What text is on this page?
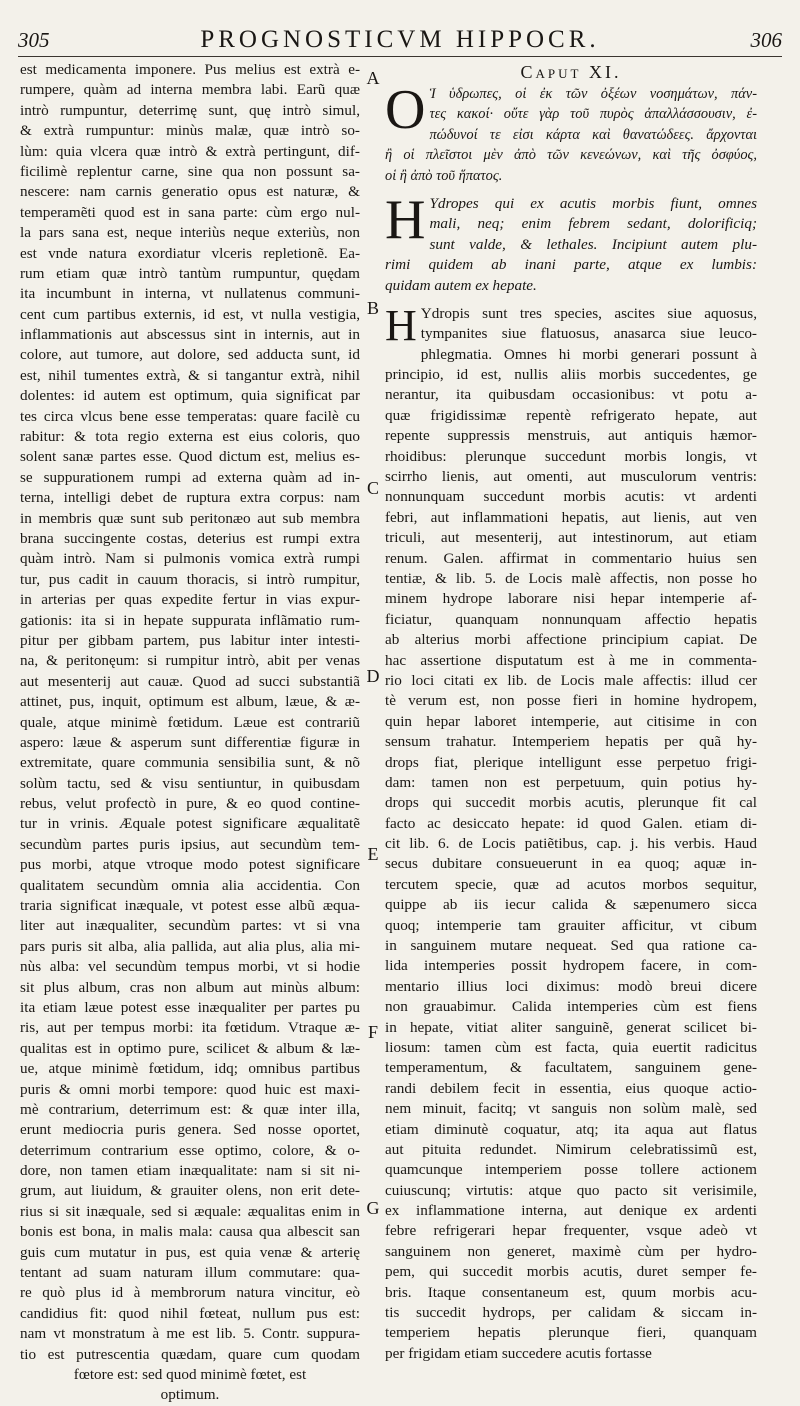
305	PROGNOSTICVM HIPPOCR.	306
est medicamenta imponere. Pus melius est extrà e-
rumpere, quàm ad interna membra labi. Earũ quæ
intrò rumpuntur, deterrimę sunt, quę intrò simul,
& extrà rumpuntur: minùs malæ, quæ intrò so-
lùm: quia vlcera quæ intrò & extrà pertingunt, dif-
ficilimè replentur carne, sine qua non possunt sa-
nescere: nam carnis generatio opus est naturæ, &
temperamẽti quod est in sana parte: cùm ergo nul-
la pars sana est, neque interiùs neque exteriùs, non
est vnde natura exordiatur vlceris repletionẽ. Ea-
rum etiam quæ intrò tantùm rumpuntur, quędam
ita incumbunt in interna, vt nullatenus communi-
cent cum partibus externis, id est, vt nulla vestigia,
inflammationis aut abscessus sint in internis, aut in
colore, aut tumore, aut dolore, sed adducta sunt, id
est, nihil tumentes extrà, & si tangantur extrà, nihil
dolentes: id autem est optimum, quia significat par
tes circa vlcus bene esse temperatas: quare facilè cu
rabitur: & tota regio externa est eius coloris, quo
solent sanæ partes esse. Quod dictum est, melius es-
se suppurationem rumpi ad externa quàm ad in-
terna, intelligi debet de ruptura extra corpus: nam
in membris quæ sunt sub peritonæo aut sub membra
brana succingente costas, deterius est rumpi extra
quàm intrò. Nam si pulmonis vomica extrà rumpi
tur, pus cadit in cauum thoracis, si intrò rumpitur,
in arterias per quas expedite fertur in vias expur-
gationis: ita si in hepate suppurata inflãmatio rum-
pitur per gibbam partem, pus labitur inter intesti-
na, & peritonęum: si rumpitur intrò, abit per venas
aut mesenterij aut cauæ. Quod ad succi substantiã
attinet, pus, inquit, optimum est album, læue, & æ-
quale, atque minimè fœtidum. Læue est contrariũ
aspero: læue & asperum sunt differentiæ figuræ in
extremitate, quare communia sensibilia sunt, & nõ
solùm tactu, sed & visu sentiuntur, in quibusdam
rebus, velut profectò in pure, & eo quod contine-
tur in vrinis. Æquale potest significare æqualitatẽ
secundùm partes puris ipsius, aut secundùm tem-
pus morbi, atque vtroque modo potest significare
qualitatem secundùm omnia alia accidentia. Con
traria significat inæquale, vt potest esse albũ æqua-
liter aut inæqualiter, secundùm partes: vt si vna
pars puris sit alba, alia pallida, aut alia plus, alia mi-
nùs alba: vel secundùm tempus morbi, vt si hodie
sit plus album, cras non album aut minùs album:
ita etiam læue potest esse inæqualiter per partes pu
ris, aut per tempus morbi: ita fœtidum. Vtraque æ-
qualitas est in optimo pure, scilicet & album & læ-
ue, atque minimè fœtidum, idq; omnibus partibus
puris & omni morbi tempore: quod huic est maxi-
mè contrarium, deterrimum est: & quæ inter illa,
erunt mediocria puris genera. Sed nosse oportet,
deterrimum contrarium esse optimo, colore, & o-
dore, non tamen etiam inæqualitate: nam si sit ni-
grum, aut liuidum, & grauiter olens, non erit dete-
rius si sit inæquale, sed si æquale: æqualitas enim in
bonis est bona, in malis mala: causa qua albescit san
guis cum mutatur in pus, est quia venæ & arterię
tentant ad suam naturam illum commutare: qua-
re quò plus id à membrorum natura vincitur, eò
candidius fit: quod nihil fœteat, nullum pus est:
nam vt monstratum à me est lib. 5. Contr. suppura-
tio est putrescentia quædam, quare cum quodam
fœtore est: sed quod minimè fœtet, est
optimum.
A
B
C
D
E
F
G
Caput XI.
Ο Ἱ ὑδρωπες, οἱ ἐκ τῶν ὀξέων νοσημάτων, πάν-
τες κακοί· οὔτε γὰρ τοῦ πυρὸς ἀπαλλάσσουσιν, ἐ-
πώδυνοί τε εἰσι κάρτα καὶ θανατώδεες. ἄρχονται
ἢ οἱ πλεῖστοι μὲν ἀπὸ τῶν κενεώνων, καὶ τῆς ὀσφύος,
οἱ ἢ ἀπὸ τοῦ ἥπατος.
H Ydropes qui ex acutis morbis fiunt, omnes
mali, neq; enim febrem sedant, dolorificiq;
sunt valde, & lethales. Incipiunt autem plu-
rimi quidem ab inani parte, atque ex lumbis:
quidam autem ex hepate.
H Ydropis sunt tres species, ascites siue aquosus,
tympanites siue flatuosus, anasarca siue leuco-
phlegmatia. Omnes hi morbi generari possunt à
principio, id est, nullis aliis morbis succedentes, ge
nerantur, ita quibusdam occasionibus: vt potu a-
quæ frigidissimæ repentè refrigerato hepate, aut
repente suppressis menstruis, aut antiquis hæmor-
rhoidibus: plerunque succedunt morbis longis, vt
scirrho lienis, aut omenti, aut musculorum ventris:
nonnunquam succedunt morbis acutis: vt ardenti
febri, aut inflammationi hepatis, aut lienis, aut ven
triculi, aut mesenterij, aut intestinorum, aut etiam
renum. Galen. affirmat in commentario huius sen
tentiæ, & lib. 5. de Locis malè affectis, non posse ho
minem hydrope laborare nisi hepar intemperie af-
ficiatur, quanquam nonnunquam affectio hepatis
ab alterius morbi affectione principium capiat. De
hac assertione disputatum est à me in commenta-
rio loci citati ex lib. de Locis male affectis: illud cer
tè verum est, non posse fieri in homine hydropem,
quin hepar laboret intemperie, aut citisime in con
sensum trahatur. Intemperiem hepatis per quã hy-
drops fiat, plerique intelligunt esse perpetuo frigi-
dam: tamen non est perpetuum, quin potius hy-
drops qui succedit morbis acutis, plerunque fit cal
facto ac desiccato hepate: id quod Galen. etiam di-
cit lib. 6. de Locis patiẽtibus, cap. j. his verbis. Haud
secus dubitare consueuerunt in ea quoq; aquæ in-
tercutem specie, quæ ad acutos morbos sequitur,
quippe ab iis iecur calida & sæpenumero sicca
quoq; intemperie tam grauiter afficitur, vt cibum
in sanguinem mutare nequeat. Sed qua ratione ca-
lida intemperies possit hydropem facere, in com-
mentario illius loci diximus: modò breui dicere
non grauabimur. Calida intemperies cùm est fiens
in hepate, vitiat aliter sanguinẽ, generat scilicet bi-
liosum: tamen cùm est facta, quia euertit radicitus
temperamentum, & facultatem, sanguinem gene-
randi debilem fecit in essentia, eius quoque actio-
nem minuit, facitq; vt sanguis non solùm malè, sed
etiam diminutè coquatur, atq; ita aqua aut flatus
aut pituita redundet. Nimirum celebratissimũ est,
quamcunque intemperiem posse tollere actionem
cuiuscunq; virtutis: atque quo pacto sit verisimile,
ex inflammatione interna, aut denique ex ardenti
febre refrigerari hepar frequenter, vsque adeò vt
sanguinem non generet, maximè cùm per hydro-
pem, qui succedit morbis acutis, duret semper fe-
bris. Itaque consentaneum est, quum morbis acu-
tis succedit hydrops, per calidam & siccam in-
temperiem hepatis plerunque fieri, quanquam
per frigidam etiam succedere acutis fortasse
